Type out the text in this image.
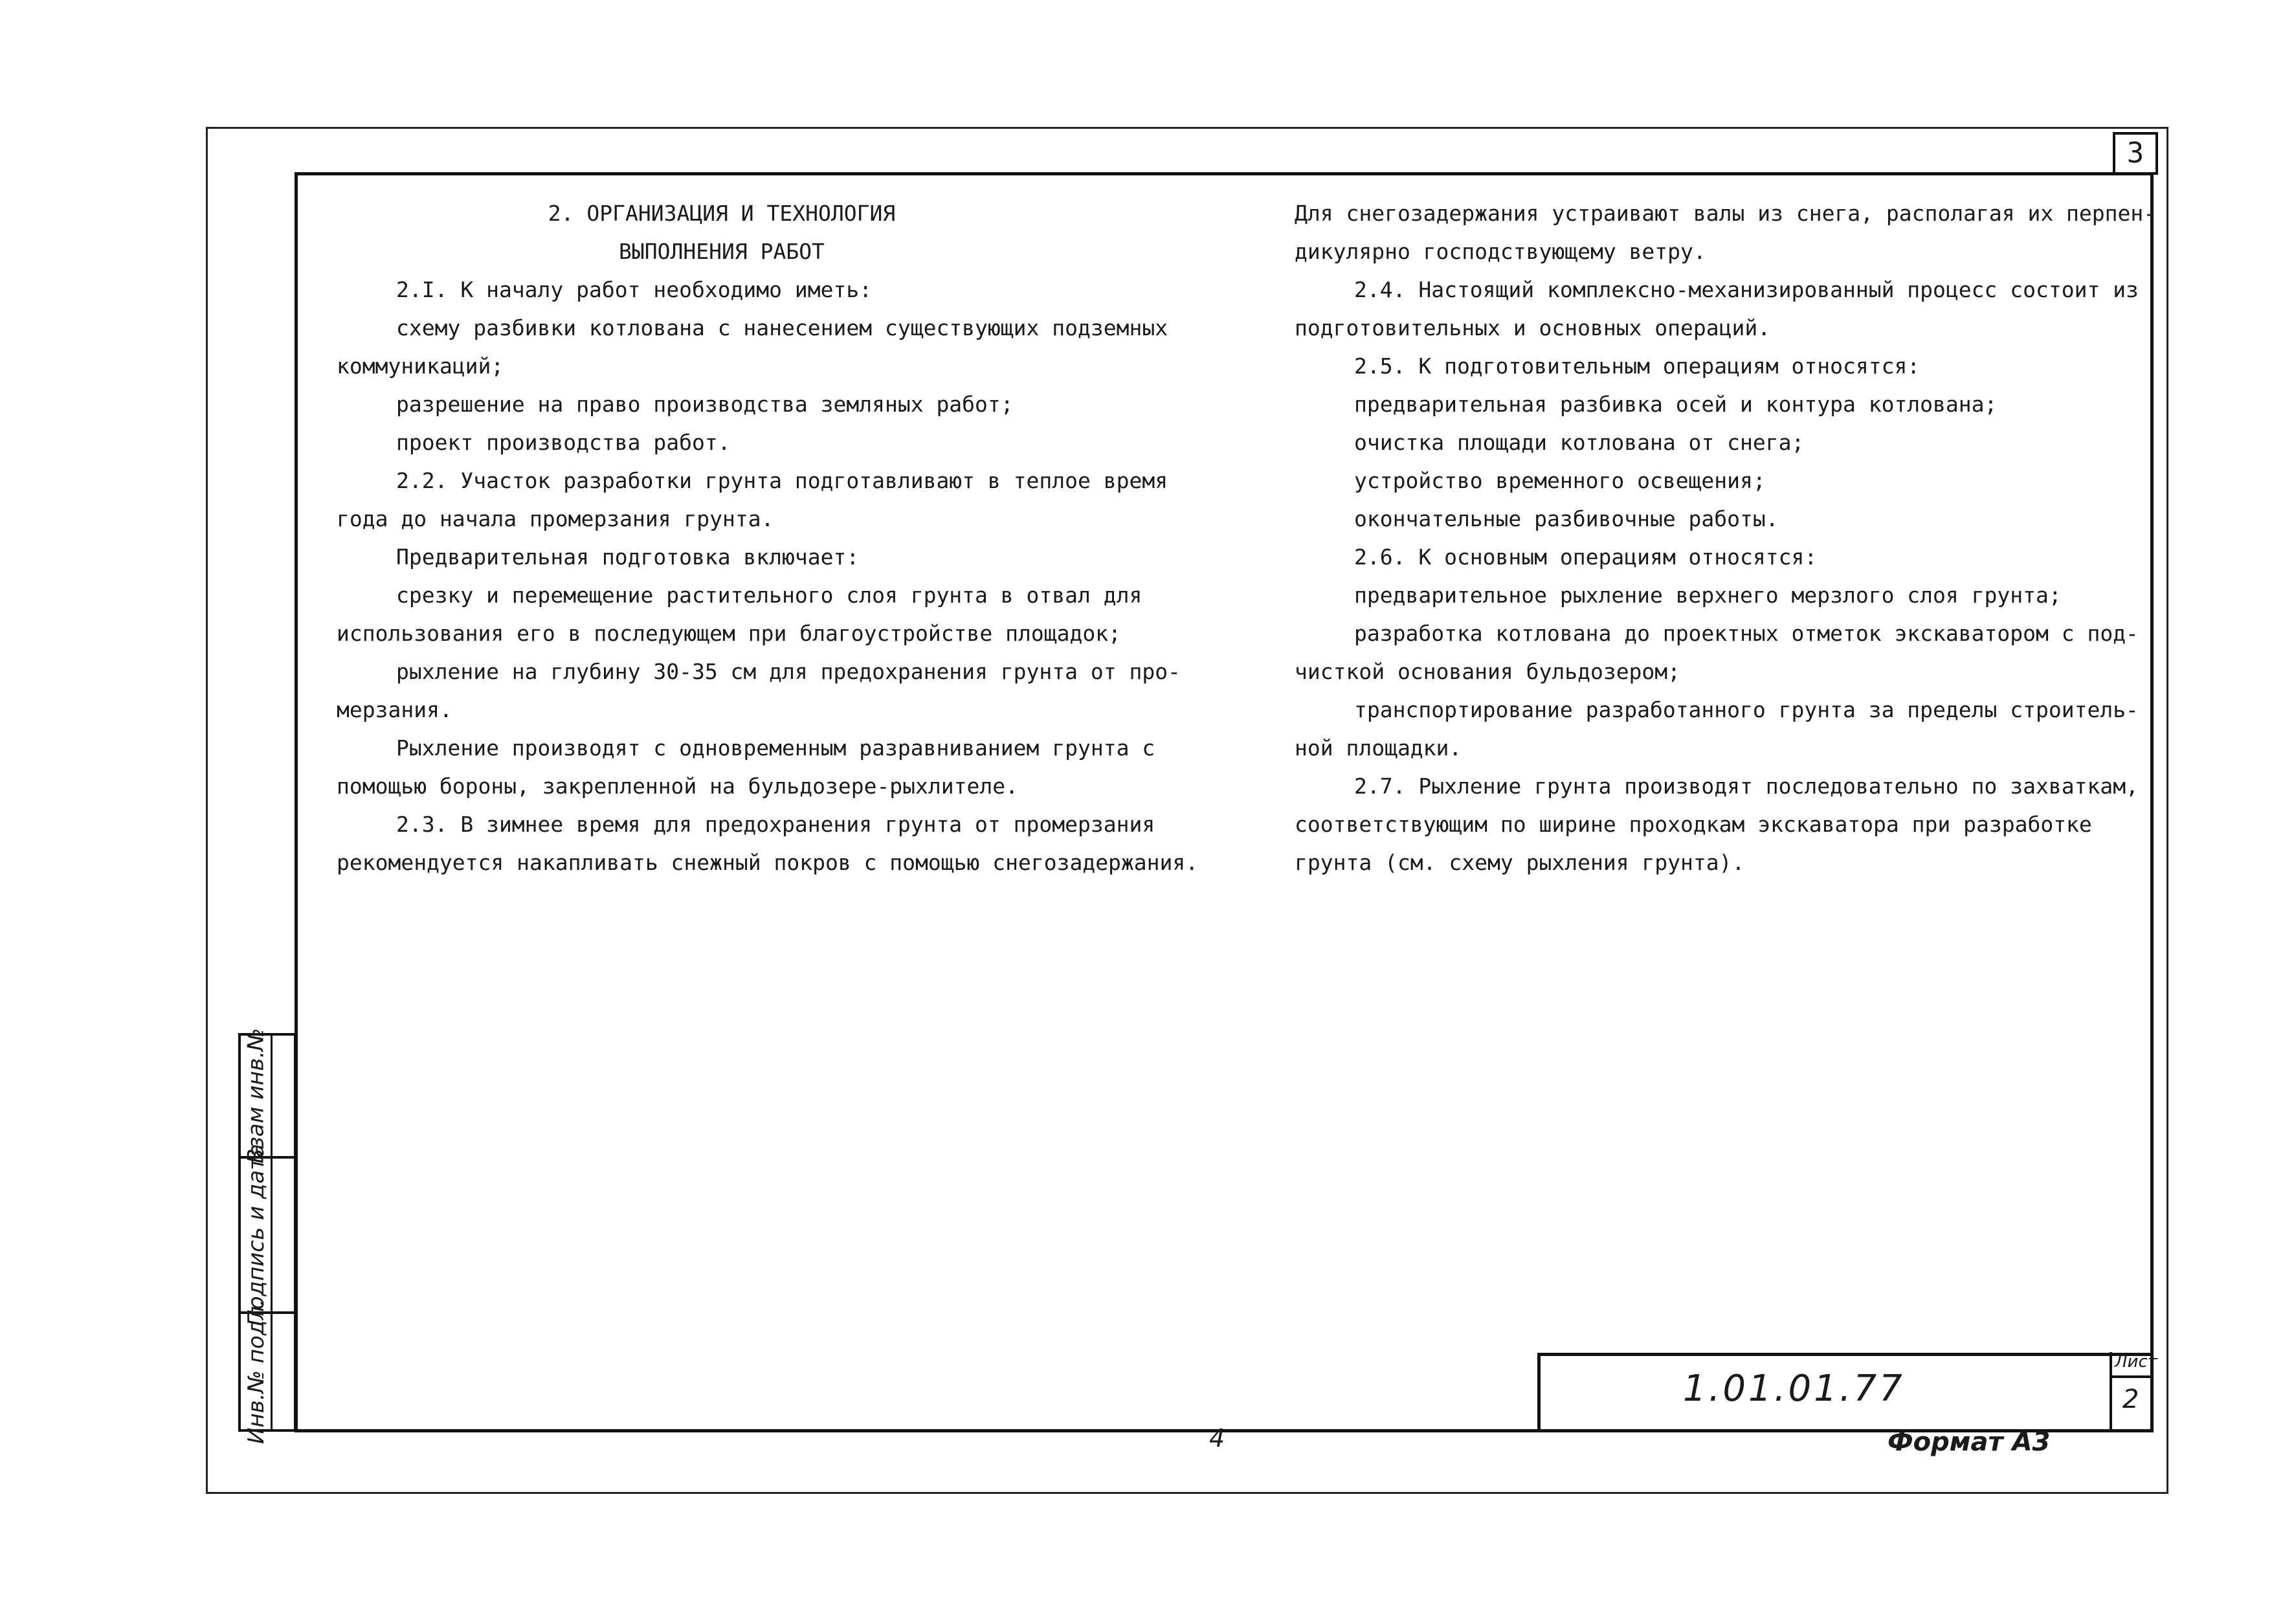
3
Взам инв.№
Подпись и дата
Инв.№ подл.

2. ОРГАНИЗАЦИЯ И ТЕХНОЛОГИЯ

ВЫПОЛНЕНИЯ РАБОТ

2.I. К началу работ необходимо иметь:

схему разбивки котлована с нанесением существующих подземных

коммуникаций;

разрешение на право производства земляных работ;

проект производства работ.

2.2. Участок разработки грунта подготавливают в теплое время

года до начала промерзания грунта.

Предварительная подготовка включает:

срезку и перемещение растительного слоя грунта в отвал для

использования его в последующем при благоустройстве площадок;

рыхление на глубину 30-35 см для предохранения грунта от про-

мерзания.

Рыхление производят с одновременным разравниванием грунта с

помощью бороны, закрепленной на бульдозере-рыхлителе.

2.3. В зимнее время для предохранения грунта от промерзания

рекомендуется накапливать снежный покров с помощью снегозадержания.

Для снегозадержания устраивают валы из снега, располагая их перпен-

дикулярно господствующему ветру.

2.4. Настоящий комплексно-механизированный процесс состоит из

подготовительных и основных операций.

2.5. К подготовительным операциям относятся:

предварительная разбивка осей и контура котлована;

очистка площади котлована от снега;

устройство временного освещения;

окончательные разбивочные работы.

2.6. К основным операциям относятся:

предварительное рыхление верхнего мерзлого слоя грунта;

разработка котлована до проектных отметок экскаватором с под-

чисткой основания бульдозером;

транспортирование разработанного грунта за пределы строитель-

ной площадки.

2.7. Рыхление грунта производят последовательно по захваткам,

соответствующим по ширине проходкам экскаватора при разработке

грунта (см. схему рыхления грунта).

1.01.01.77
Лист
2
4	Формат А3
